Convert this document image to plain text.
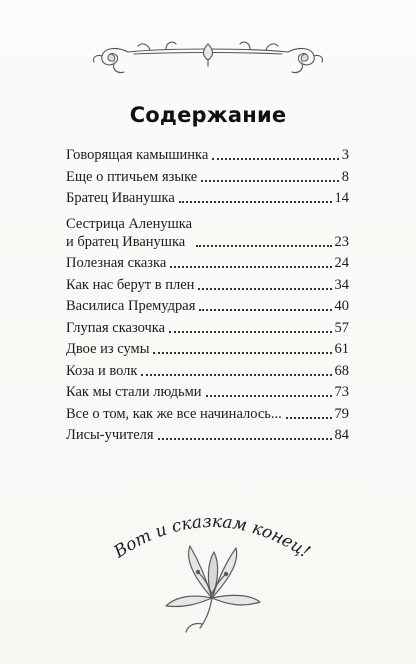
Содержание
Говорящая камышинка	3
Еще о птичьем языке	8
Братец Иванушка	14
Сестрица Аленушка
и братец Иванушка	23
Полезная сказка	24
Как нас берут в плен	34
Василиса Премудрая	40
Глупая сказочка	57
Двое из сумы	61
Коза и волк	68
Как мы стали людьми	73
Все о том, как же все начиналось...	79
Лисы-учителя	84
Вот и сказкам конец!
